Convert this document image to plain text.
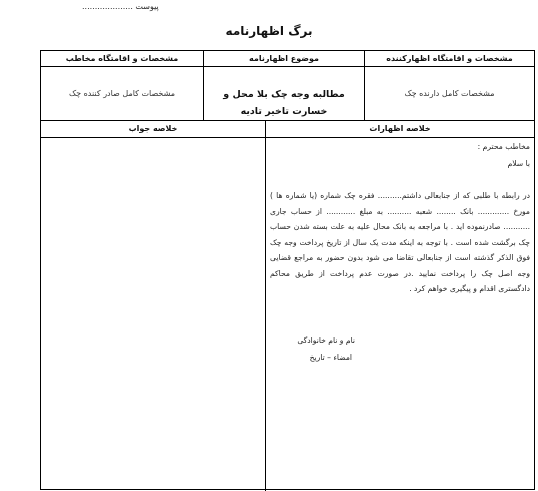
پیوست ....................
برگ اظهارنامه
مشخصات و اقامتگاه اظهارکننده
موضوع اظهارنامه
مشخصات و اقامتگاه مخاطب
مشخصات کامل دارنده چک
مطالبه وجه چک بلا محل و خسارت تاخیر تادیه
مشخصات کامل صادر کننده چک
خلاصه اظهارات
خلاصه جواب
مخاطب محترم :
با سلام
در رابطه با طلبی که از جنابعالی داشتم.......... فقره چک شماره (یا شماره ها ) مورخ ............. بانک ........ شعبه .......... به مبلغ ............ از حساب جاری ........... صادرنموده اید . با مراجعه به بانک محال علیه به علت بسته شدن حساب چک برگشت شده است . با توجه به اینکه مدت یک سال از تاریخ پرداخت وجه چک فوق الذکر گذشته است از جنابعالی تقاضا می شود بدون حضور به مراجع قضایی وجه اصل چک را پرداخت نمایید .در صورت عدم پرداخت از طریق محاکم دادگستری اقدام و پیگیری خواهم کرد .
نام و نام خانوادگی
امضاء – تاریخ
